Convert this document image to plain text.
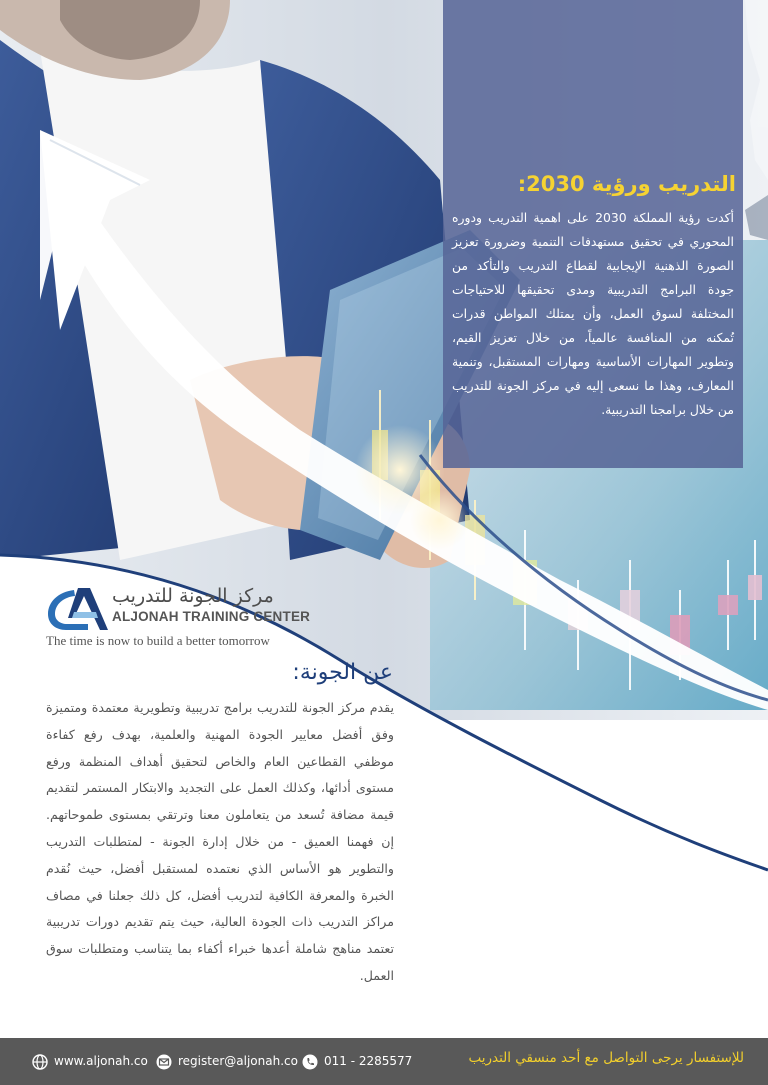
التدريب ورؤية 2030:
أكدت رؤية المملكة 2030 على اهمية التدريب ودوره المحوري في تحقيق مستهدفات التنمية وضرورة تعزيز الصورة الذهنية الإيجابية لقطاع التدريب والتأكد من جودة البرامج التدريبية ومدى تحقيقها للاحتياجات المختلفة لسوق العمل، وأن يمتلك المواطن قدرات تُمكنه من المنافسة عالمياً، من خلال تعزيز القيم، وتطوير المهارات الأساسية ومهارات المستقبل، وتنمية المعارف، وهذا ما نسعى إليه في مركز الجونة للتدريب من خلال برامجنا التدريبية.
مركز الجونة للتدريب
ALJONAH TRAINING CENTER
The time is now to build a better tomorrow
عن الجونة:
يقدم مركز الجونة للتدريب برامج تدريبية وتطويرية معتمدة ومتميزة وفق أفضل معايير الجودة المهنية والعلمية، بهدف رفع كفاءة موظفي القطاعين العام والخاص لتحقيق أهداف المنظمة ورفع مستوى أدائها، وكذلك العمل على التجديد والابتكار المستمر لتقديم قيمة مضافة تُسعد من يتعاملون معنا وترتقي بمستوى طموحاتهم. إن فهمنا العميق - من خلال إدارة الجونة - لمتطلبات التدريب والتطوير هو الأساس الذي نعتمده لمستقبل أفضل، حيث نُقدم الخبرة والمعرفة الكافية لتدريب أفضل، كل ذلك جعلنا في مصاف مراكز التدريب ذات الجودة العالية، حيث يتم تقديم دورات تدريبية تعتمد مناهج شاملة أعدها خبراء أكفاء بما يتناسب ومتطلبات سوق العمل.
www.aljonah.co	register@aljonah.co	011 - 2285577	للإستفسار يرجى التواصل مع أحد منسقي التدريب
